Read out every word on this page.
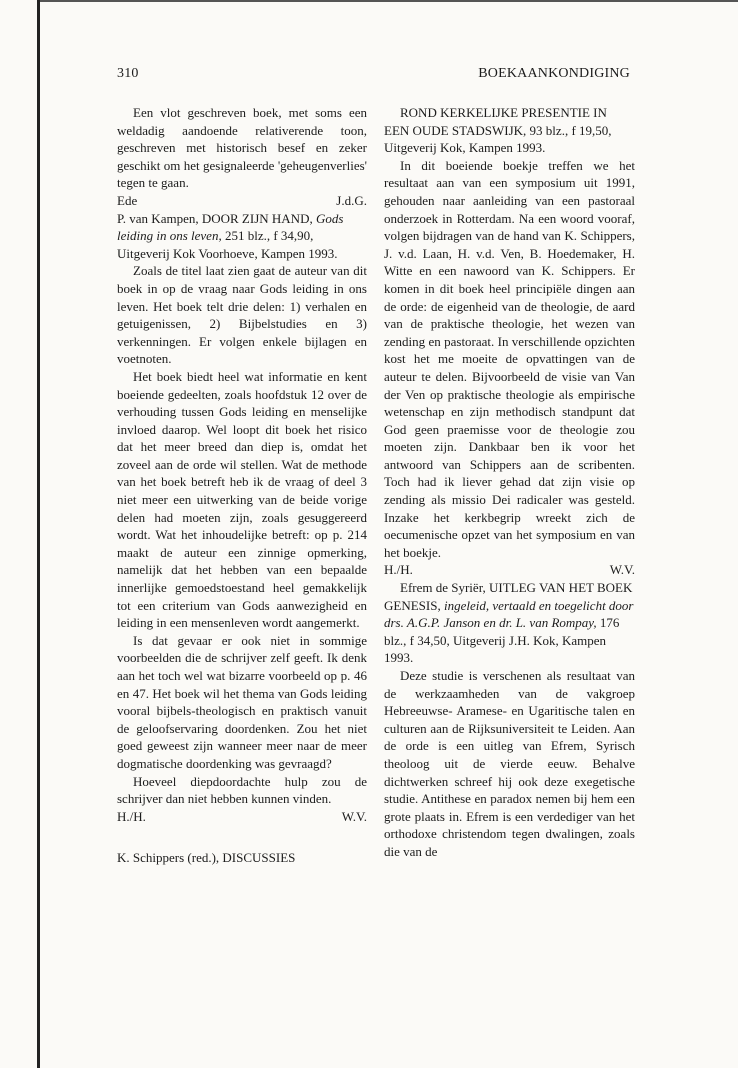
310	BOEKAANKONDIGING

Een vlot geschreven boek, met soms een weldadig aandoende relativerende toon, geschreven met historisch besef en zeker geschikt om het gesignaleerde 'geheugenverlies' tegen te gaan.

Ede	J.d.G.

P. van Kampen, DOOR ZIJN HAND, Gods leiding in ons leven, 251 blz., f 34,90, Uitgeverij Kok Voorhoeve, Kampen 1993.

Zoals de titel laat zien gaat de auteur van dit boek in op de vraag naar Gods leiding in ons leven. Het boek telt drie delen: 1) verhalen en getuigenissen, 2) Bijbelstudies en 3) verkenningen. Er volgen enkele bijlagen en voetnoten.

Het boek biedt heel wat informatie en kent boeiende gedeelten, zoals hoofdstuk 12 over de verhouding tussen Gods leiding en menselijke invloed daarop. Wel loopt dit boek het risico dat het meer breed dan diep is, omdat het zoveel aan de orde wil stellen. Wat de methode van het boek betreft heb ik de vraag of deel 3 niet meer een uitwerking van de beide vorige delen had moeten zijn, zoals gesuggereerd wordt. Wat het inhoudelijke betreft: op p. 214 maakt de auteur een zinnige opmerking, namelijk dat het hebben van een bepaalde innerlijke gemoedstoestand heel gemakkelijk tot een criterium van Gods aanwezigheid en leiding in een mensenleven wordt aangemerkt.

Is dat gevaar er ook niet in sommige voorbeelden die de schrijver zelf geeft. Ik denk aan het toch wel wat bizarre voorbeeld op p. 46 en 47. Het boek wil het thema van Gods leiding vooral bijbels-theologisch en praktisch vanuit de geloofservaring doordenken. Zou het niet goed geweest zijn wanneer meer naar de meer dogmatische doordenking was gevraagd?

Hoeveel diepdoordachte hulp zou de schrijver dan niet hebben kunnen vinden.

H./H.	W.V.

K. Schippers (red.), DISCUSSIES

ROND KERKELIJKE PRESENTIE IN EEN OUDE STADSWIJK, 93 blz., f 19,50, Uitgeverij Kok, Kampen 1993.

In dit boeiende boekje treffen we het resultaat aan van een symposium uit 1991, gehouden naar aanleiding van een pastoraal onderzoek in Rotterdam. Na een woord vooraf, volgen bijdragen van de hand van K. Schippers, J. v.d. Laan, H. v.d. Ven, B. Hoedemaker, H. Witte en een nawoord van K. Schippers. Er komen in dit boek heel principiële dingen aan de orde: de eigenheid van de theologie, de aard van de praktische theologie, het wezen van zending en pastoraat. In verschillende opzichten kost het me moeite de opvattingen van de auteur te delen. Bijvoorbeeld de visie van Van der Ven op praktische theologie als empirische wetenschap en zijn methodisch standpunt dat God geen praemisse voor de theologie zou moeten zijn. Dankbaar ben ik voor het antwoord van Schippers aan de scribenten. Toch had ik liever gehad dat zijn visie op zending als missio Dei radicaler was gesteld. Inzake het kerkbegrip wreekt zich de oecumenische opzet van het symposium en van het boekje.

H./H.	W.V.

Efrem de Syriër, UITLEG VAN HET BOEK GENESIS, ingeleid, vertaald en toegelicht door drs. A.G.P. Janson en dr. L. van Rompay, 176 blz., f 34,50, Uitgeverij J.H. Kok, Kampen 1993.

Deze studie is verschenen als resultaat van de werkzaamheden van de vakgroep Hebreeuwse- Aramese- en Ugaritische talen en culturen aan de Rijksuniversiteit te Leiden. Aan de orde is een uitleg van Efrem, Syrisch theoloog uit de vierde eeuw. Behalve dichtwerken schreef hij ook deze exegetische studie. Antithese en paradox nemen bij hem een grote plaats in. Efrem is een verdediger van het orthodoxe christendom tegen dwalingen, zoals die van de
